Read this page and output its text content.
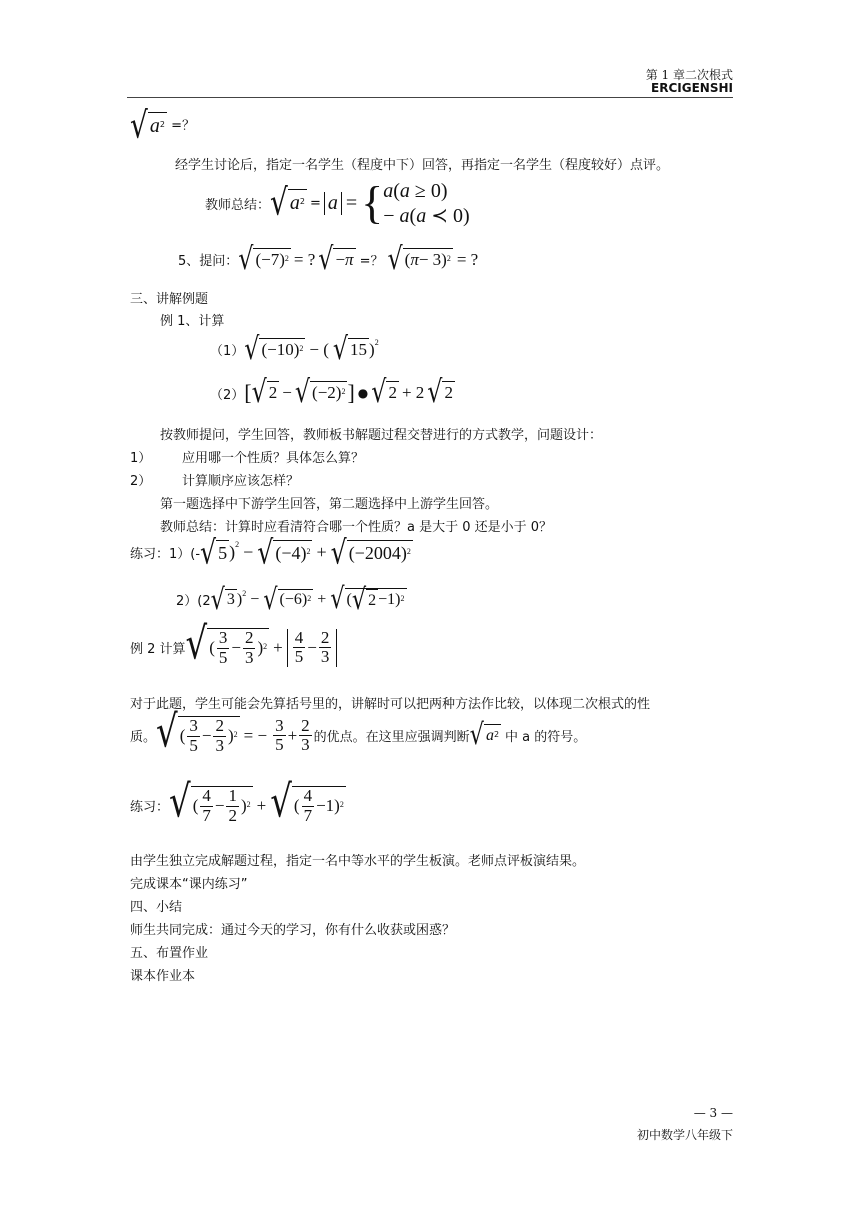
第 1 章二次根式
ERCIGENSHI
√ a 2 =？
经学生讨论后，指定一名学生（程度中下）回答，再指定一名学生（程度较好）点评。
教师总结： √ a 2 = a = { a(a ≥ 0)
− a(a ≺ 0)
5、提问： √ (−7) 2 = ? √ − π =？ √ ( π − 3) 2 = ?
三、讲解例题
例 1、计算
（1） √ (−10) 2 − ( √ 15 )$^2$
（2） [ √ 2 − √ (−2) 2 ] ● √ 2 + 2 √ 2
按教师提问，学生回答，教师板书解题过程交替进行的方式教学，问题设计：
1） 应用哪一个性质？具体怎么算？
2） 计算顺序应该怎样？
第一题选择中下游学生回答，第二题选择中上游学生回答。
教师总结：计算时应看清符合哪一个性质？a 是大于 0 还是小于 0？
练习：1）(- √ 5 )$^2$ − √ (−4) 2 + √ (−2004) 2
2）(2 √ 3 )$^2$ − √ (−6) 2 + √ ( √ 2 −1) 2
例 2 计算 √ ( $\frac{3}{5} - \frac{2}{3}$ ) $2 + \frac{4}{5} - \frac{2}{3}$
对于此题，学生可能会先算括号里的，讲解时可以把两种方法作比较，以体现二次根式的性
质。 √ ( $\frac{3}{5} - \frac{2}{3}$ ) 2 = − $\frac{3}{5} + \frac{2}{3}$ 的优点。在这里应强调判断 √ a 2 中 a 的符号。
练习： √ ( $\frac{4}{7} - \frac{1}{2}$ ) 2 + √ ( $\frac{4}{7} -1$) 2
由学生独立完成解题过程，指定一名中等水平的学生板演。老师点评板演结果。
完成课本“课内练习”
四、小结
师生共同完成：通过今天的学习，你有什么收获或困惑？
五、布置作业
课本作业本
— 3 —
初中数学八年级下
